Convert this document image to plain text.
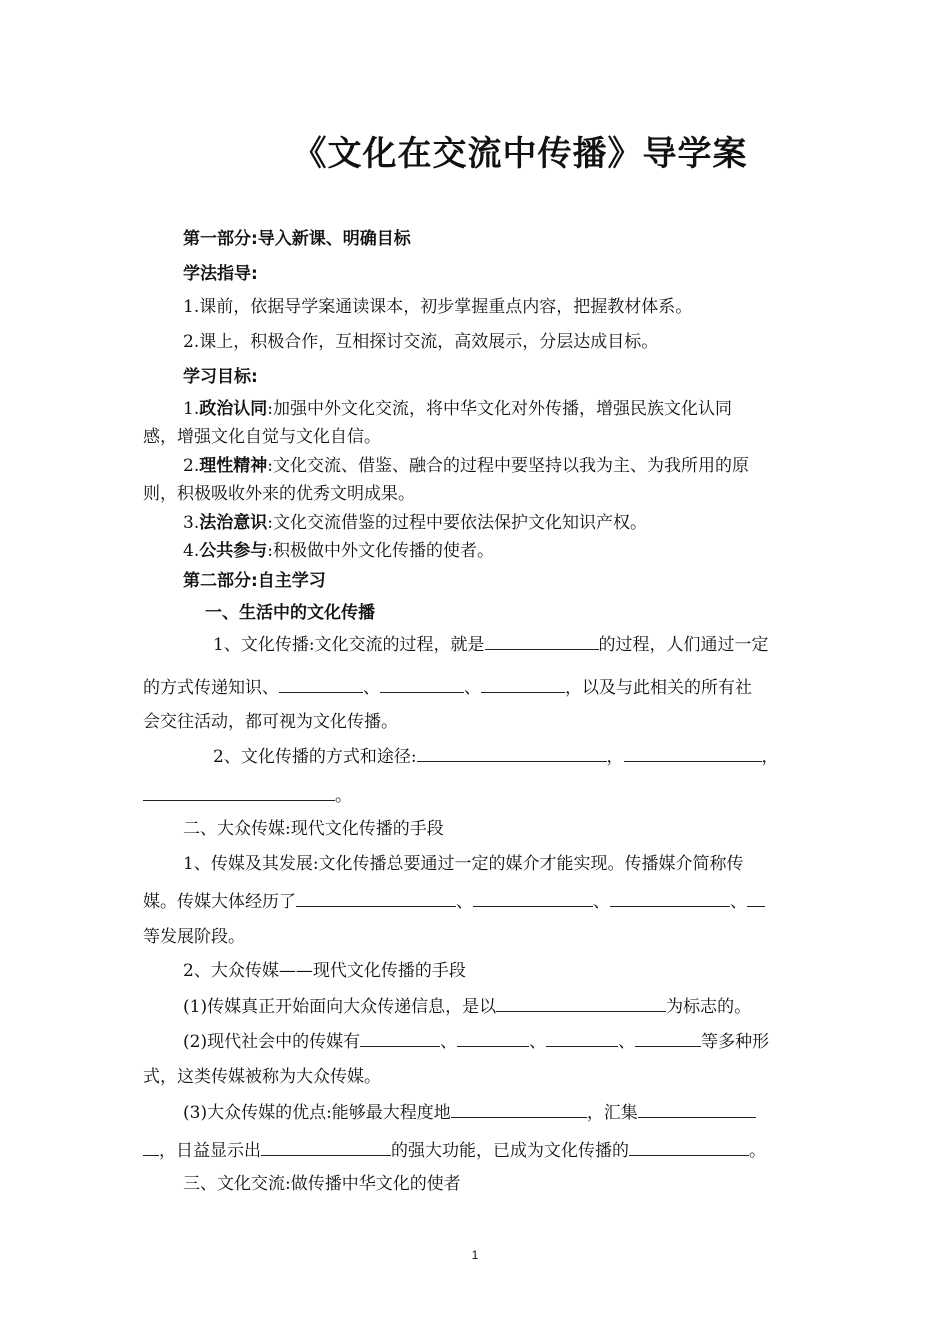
《文化在交流中传播》导学案
第一部分:导入新课、明确目标
学法指导:
1.课前，依据导学案通读课本，初步掌握重点内容，把握教材体系。
2.课上，积极合作，互相探讨交流，高效展示，分层达成目标。
学习目标:
1.政治认同:加强中外文化交流，将中华文化对外传播，增强民族文化认同
感，增强文化自觉与文化自信。
2.理性精神:文化交流、借鉴、融合的过程中要坚持以我为主、为我所用的原
则，积极吸收外来的优秀文明成果。
3.法治意识:文化交流借鉴的过程中要依法保护文化知识产权。
4.公共参与:积极做中外文化传播的使者。
第二部分:自主学习
一、生活中的文化传播
1、文化传播:文化交流的过程，就是	的过程，人们通过一定
的方式传递知识、	、	、	，以及与此相关的所有社
会交往活动，都可视为文化传播。
2、文化传播的方式和途径:	，	，
。
二、大众传媒:现代文化传播的手段
1、传媒及其发展:文化传播总要通过一定的媒介才能实现。传播媒介简称传
媒。传媒大体经历了	、	、	、
等发展阶段。
2、大众传媒——现代文化传播的手段
(1)传媒真正开始面向大众传递信息，是以	为标志的。
(2)现代社会中的传媒有	、	、	、	等多种形
式，这类传媒被称为大众传媒。
(3)大众传媒的优点:能够最大程度地	，汇集
，日益显示出	的强大功能，已成为文化传播的	。
三、文化交流:做传播中华文化的使者
1
